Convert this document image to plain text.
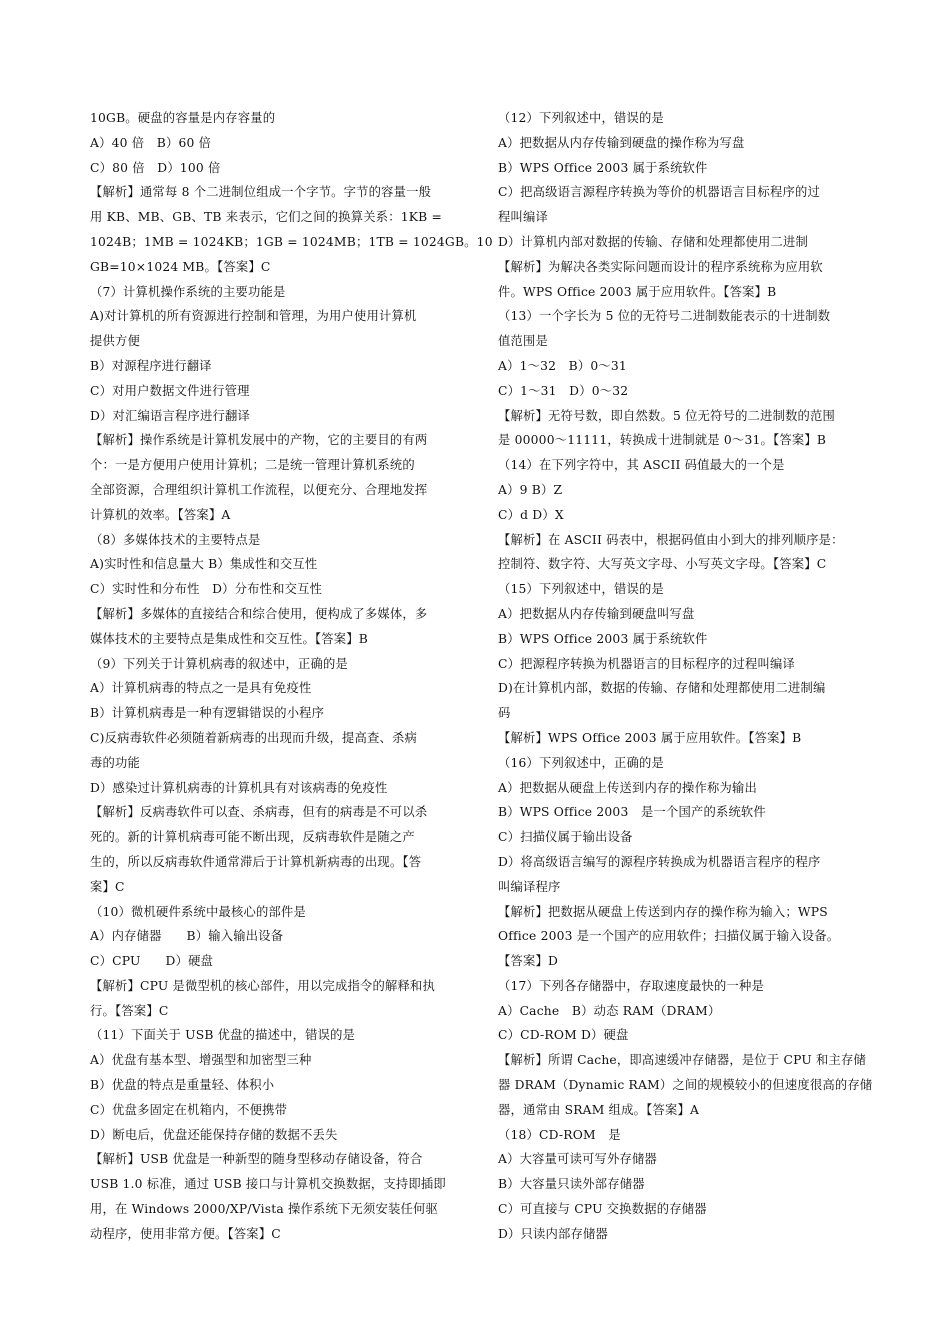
10GB。硬盘的容量是内存容量的
A）40 倍　B）60 倍
C）80 倍　D）100 倍
【解析】通常每 8 个二进制位组成一个字节。字节的容量一般
用 KB、MB、GB、TB 来表示，它们之间的换算关系：1KB =
1024B；1MB = 1024KB；1GB = 1024MB；1TB = 1024GB。10
GB=10×1024 MB。【答案】C
（7）计算机操作系统的主要功能是
A)对计算机的所有资源进行控制和管理，为用户使用计算机
提供方便
B）对源程序进行翻译
C）对用户数据文件进行管理
D）对汇编语言程序进行翻译
【解析】操作系统是计算机发展中的产物，它的主要目的有两
个：一是方便用户使用计算机；二是统一管理计算机系统的
全部资源，合理组织计算机工作流程，以便充分、合理地发挥
计算机的效率。【答案】A
（8）多媒体技术的主要特点是
A)实时性和信息量大 B）集成性和交互性
C）实时性和分布性　D）分布性和交互性
【解析】多媒体的直接结合和综合使用，便构成了多媒体，多
媒体技术的主要特点是集成性和交互性。【答案】B
（9）下列关于计算机病毒的叙述中，正确的是
A）计算机病毒的特点之一是具有免疫性
B）计算机病毒是一种有逻辑错误的小程序
C)反病毒软件必须随着新病毒的出现而升级，提高查、杀病
毒的功能
D）感染过计算机病毒的计算机具有对该病毒的免疫性
【解析】反病毒软件可以查、杀病毒，但有的病毒是不可以杀
死的。新的计算机病毒可能不断出现，反病毒软件是随之产
生的，所以反病毒软件通常滞后于计算机新病毒的出现。【答
案】C
（10）微机硬件系统中最核心的部件是
A）内存储器　　B）输入输出设备
C）CPU　　D）硬盘
【解析】CPU 是微型机的核心部件，用以完成指令的解释和执
行。【答案】C
（11）下面关于 USB 优盘的描述中，错误的是
A）优盘有基本型、增强型和加密型三种
B）优盘的特点是重量轻、体积小
C）优盘多固定在机箱内，不便携带
D）断电后，优盘还能保持存储的数据不丢失
【解析】USB 优盘是一种新型的随身型移动存储设备，符合
USB 1.0 标准，通过 USB 接口与计算机交换数据，支持即插即
用，在 Windows 2000/XP/Vista 操作系统下无须安装任何驱
动程序，使用非常方便。【答案】C
（12）下列叙述中，错误的是
A）把数据从内存传输到硬盘的操作称为写盘
B）WPS Office 2003 属于系统软件
C）把高级语言源程序转换为等价的机器语言目标程序的过
程叫编译
D）计算机内部对数据的传输、存储和处理都使用二进制
【解析】为解决各类实际问题而设计的程序系统称为应用软
件。WPS Office 2003 属于应用软件。【答案】B
（13）一个字长为 5 位的无符号二进制数能表示的十进制数
值范围是
A）1～32　B）0～31
C）1～31　D）0～32
【解析】无符号数，即自然数。5 位无符号的二进制数的范围
是 00000～11111，转换成十进制就是 0～31。【答案】B
（14）在下列字符中，其 ASCII 码值最大的一个是
A）9 B）Z
C）d D）X
【解析】在 ASCII 码表中，根据码值由小到大的排列顺序是：
控制符、数字符、大写英文字母、小写英文字母。【答案】C
（15）下列叙述中，错误的是
A）把数据从内存传输到硬盘叫写盘
B）WPS Office 2003 属于系统软件
C）把源程序转换为机器语言的目标程序的过程叫编译
D)在计算机内部，数据的传输、存储和处理都使用二进制编
码
【解析】WPS Office 2003 属于应用软件。【答案】B
（16）下列叙述中，正确的是
A）把数据从硬盘上传送到内存的操作称为输出
B）WPS Office 2003　是一个国产的系统软件
C）扫描仪属于输出设备
D）将高级语言编写的源程序转换成为机器语言程序的程序
叫编译程序
【解析】把数据从硬盘上传送到内存的操作称为输入；WPS
Office 2003 是一个国产的应用软件；扫描仪属于输入设备。
【答案】D
（17）下列各存储器中，存取速度最快的一种是
A）Cache　B）动态 RAM（DRAM）
C）CD-ROM D）硬盘
【解析】所谓 Cache，即高速缓冲存储器，是位于 CPU 和主存储
器 DRAM（Dynamic RAM）之间的规模较小的但速度很高的存储
器，通常由 SRAM 组成。【答案】A
（18）CD-ROM　是
A）大容量可读可写外存储器
B）大容量只读外部存储器
C）可直接与 CPU 交换数据的存储器
D）只读内部存储器
